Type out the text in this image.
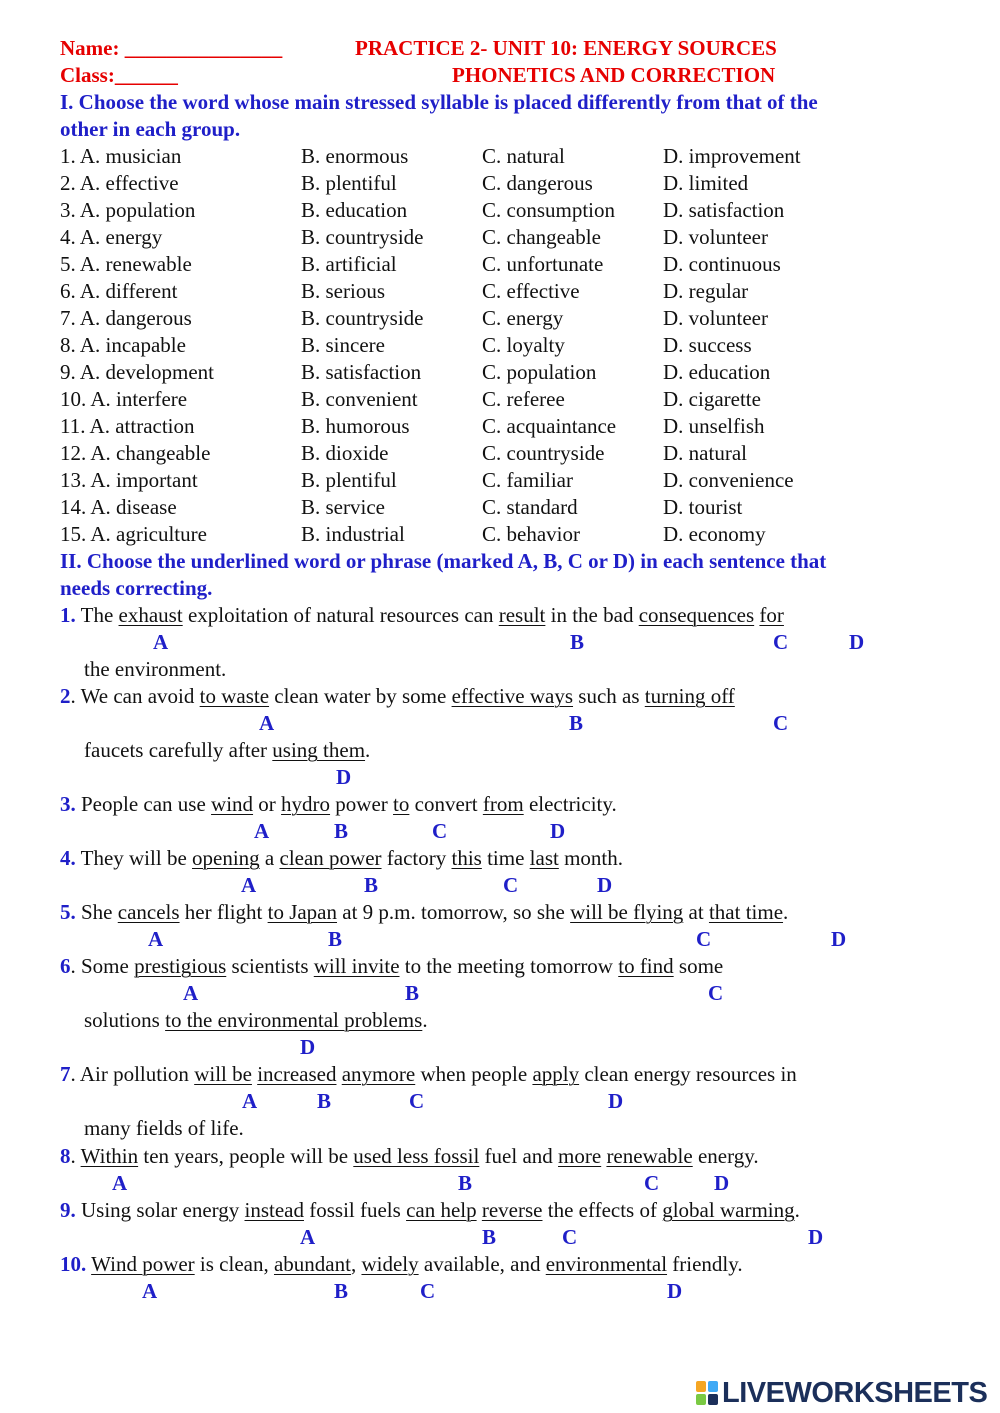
Name: _______________	PRACTICE 2- UNIT 10: ENERGY SOURCES
Class:______	PHONETICS AND CORRECTION
I. Choose the word whose main stressed syllable is placed differently from that of the
other in each group.
1. A. musician	B. enormous	C. natural	D. improvement
2. A. effective	B. plentiful	C. dangerous	D. limited
3. A. population	B. education	C. consumption D. satisfaction
4. A. energy	B. countryside	C. changeable	D. volunteer
5. A. renewable	B. artificial	C. unfortunate	D. continuous
6. A. different	B. serious	C. effective	D. regular
7. A. dangerous	B. countryside	C. energy	D. volunteer
8. A. incapable	B. sincere	C. loyalty	D. success
9. A. development	B. satisfaction	C. population	D. education
10. A. interfere	B. convenient	C. referee	D. cigarette
11. A. attraction	B. humorous	C. acquaintance D. unselfish
12. A. changeable	B. dioxide	C. countryside	D. natural
13. A. important	B. plentiful	C. familiar	D. convenience
14. A. disease	B. service	C. standard	D. tourist
15. A. agriculture	B. industrial	C. behavior	D. economy
II. Choose the underlined word or phrase (marked A, B, C or D) in each sentence that
needs correcting.
1. The exhaust exploitation of natural resources can result in the bad consequences for
A	B	C	D
the environment.
2. We can avoid to waste clean water by some effective ways such as turning off
A	B	C
faucets carefully after using them.
D
3. People can use wind or hydro power to convert from electricity.
A	B	C	D
4. They will be opening a clean power factory this time last month.
A	B	C	D
5. She cancels her flight to Japan at 9 p.m. tomorrow, so she will be flying at that time.
A	B	C	D
6. Some prestigious scientists will invite to the meeting tomorrow to find some
A	B	C
solutions to the environmental problems.
D
7. Air pollution will be increased anymore when people apply clean energy resources in
A	B	C	D
many fields of life.
8. Within ten years, people will be used less fossil fuel and more renewable energy.
A	B	C	D
9. Using solar energy instead fossil fuels can help reverse the effects of global warming.
A	B	C	D
10. Wind power is clean, abundant, widely available, and environmental friendly.
A	B	C	D
LIVEWORKSHEETS
